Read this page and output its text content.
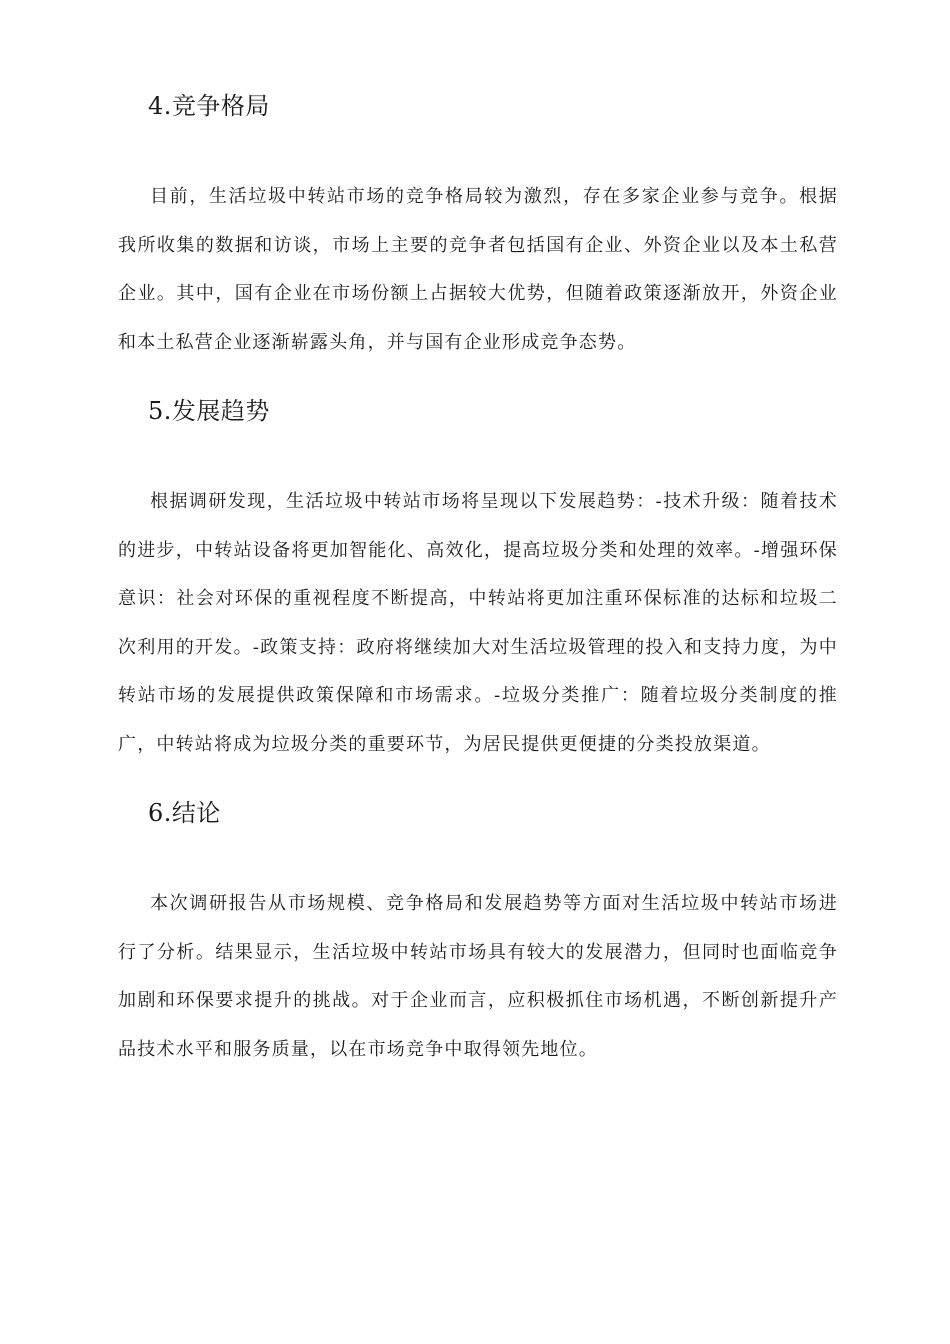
4.竞争格局

目前，生活垃圾中转站市场的竞争格局较为激烈，存在多家企业参与竞争。根据我所收集的数据和访谈，市场上主要的竞争者包括国有企业、外资企业以及本土私营企业。其中，国有企业在市场份额上占据较大优势，但随着政策逐渐放开，外资企业和本土私营企业逐渐崭露头角，并与国有企业形成竞争态势。

5.发展趋势

根据调研发现，生活垃圾中转站市场将呈现以下发展趋势：-技术升级：随着技术的进步，中转站设备将更加智能化、高效化，提高垃圾分类和处理的效率。-增强环保意识：社会对环保的重视程度不断提高，中转站将更加注重环保标准的达标和垃圾二次利用的开发。-政策支持：政府将继续加大对生活垃圾管理的投入和支持力度，为中转站市场的发展提供政策保障和市场需求。-垃圾分类推广：随着垃圾分类制度的推广，中转站将成为垃圾分类的重要环节，为居民提供更便捷的分类投放渠道。

6.结论

本次调研报告从市场规模、竞争格局和发展趋势等方面对生活垃圾中转站市场进行了分析。结果显示，生活垃圾中转站市场具有较大的发展潜力，但同时也面临竞争加剧和环保要求提升的挑战。对于企业而言，应积极抓住市场机遇，不断创新提升产品技术水平和服务质量，以在市场竞争中取得领先地位。
